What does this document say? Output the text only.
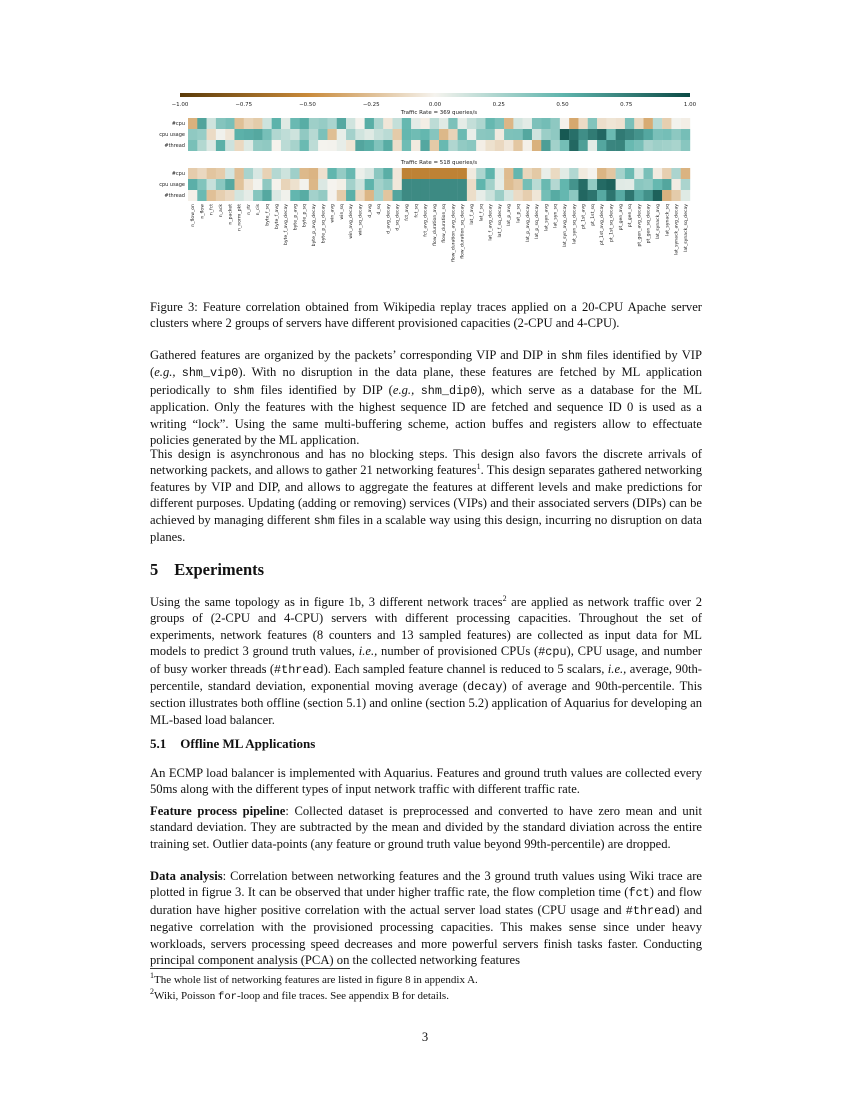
−1.00	−0.75	−0.50	−0.25	0.00	0.25	0.50	0.75	1.00
Traffic Rate = 369 queries/s
#cpu
cpu usage
#thread
Traffic Rate = 518 queries/s
#cpu
cpu usage
#thread
n_flow_on n_flow n_fct n_ack n_packet n_norm_pkt n_rtr n_cis byte_f_sq byte_f_avg byte_f_avg_decay byte_p_avg byte_p_sq byte_p_avg_decay byte_p_sq_decay win_avg win_sq win_avg_decay win_sq_decay d_avg d_sq d_avg_decay d_sq_decay fct_avg fct_sq fct_avg_decay flow_duration_avg flow_duration_sq flow_duration_avg_decay flow_duration_sq_decay lat_f_avg lat_f_sq lat_f_avg_decay lat_f_sq_decay lat_p_avg lat_p_sq lat_p_avg_decay lat_p_sq_decay lat_syn_avg lat_syn_sq lat_syn_avg_decay lat_syn_sq_decay pt_1st_avg pt_1st_sq pt_1st_avg_decay pt_1st_sq_decay pt_gen_avg pt_gen_sq pt_gen_avg_decay pt_gen_sq_decay lat_synack_avg lat_synack_sq lat_synack_avg_decay lat_synack_sq_decay
Figure 3: Feature correlation obtained from Wikipedia replay traces applied on a 20-CPU Apache server clusters where 2 groups of servers have different provisioned capacities (2-CPU and 4-CPU).

Gathered features are organized by the packets’ corresponding VIP and DIP in shm files identified by VIP (e.g., shm_vip0). With no disruption in the data plane, these features are fetched by ML application periodically to shm files identified by DIP (e.g., shm_dip0), which serve as a database for the ML application. Only the features with the highest sequence ID are fetched and sequence ID 0 is used as a writing “lock”. Using the same multi-buffering scheme, action buffes and registers allow to effectuate policies generated by the ML application.

This design is asynchronous and has no blocking steps. This design also favors the discrete arrivals of networking packets, and allows to gather 21 networking features$^1$. This design separates gathered networking features by VIP and DIP, and allows to aggregate the features at different levels and make predictions for different purposes. Updating (adding or removing) services (VIPs) and their associated servers (DIPs) can be achieved by managing different shm files in a scalable way using this design, incurring no disruption on data planes.

5 Experiments

Using the same topology as in figure 1b, 3 different network traces$^2$ are applied as network traffic over 2 groups of (2-CPU and 4-CPU) servers with different processing capacities. Throughout the set of experiments, network features (8 counters and 13 sampled features) are collected as input data for ML models to predict 3 ground truth values, i.e., number of provisioned CPUs (#cpu), CPU usage, and number of busy worker threads (#thread). Each sampled feature channel is reduced to 5 scalars, i.e., average, 90th-percentile, standard deviation, exponential moving average (decay) of average and 90th-percentile. This section illustrates both offline (section 5.1) and online (section 5.2) application of Aquarius for developing an ML-based load balancer.

5.1 Offline ML Applications

An ECMP load balancer is implemented with Aquarius. Features and ground truth values are collected every 50ms along with the different types of input network traffic with different traffic rate.

Feature process pipeline: Collected dataset is preprocessed and converted to have zero mean and unit standard deviation. They are subtracted by the mean and divided by the standard diviation across the entire training set. Outlier data-points (any feature or ground truth value beyond 99th-percentile) are dropped.

Data analysis: Correlation between networking features and the 3 ground truth values using Wiki trace are plotted in figrue 3. It can be observed that under higher traffic rate, the flow completion time (fct) and flow duration have higher positive correlation with the actual server load states (CPU usage and #thread) and negative correlation with the provisioned processing capacities. This makes sense since under heavy workloads, servers processing speed decreases and more powerful servers finish tasks faster. Conducting principal component analysis (PCA) on the collected networking features

$^1$The whole list of networking features are listed in figure 8 in appendix A.
$^2$Wiki, Poisson for-loop and file traces. See appendix B for details.
3
